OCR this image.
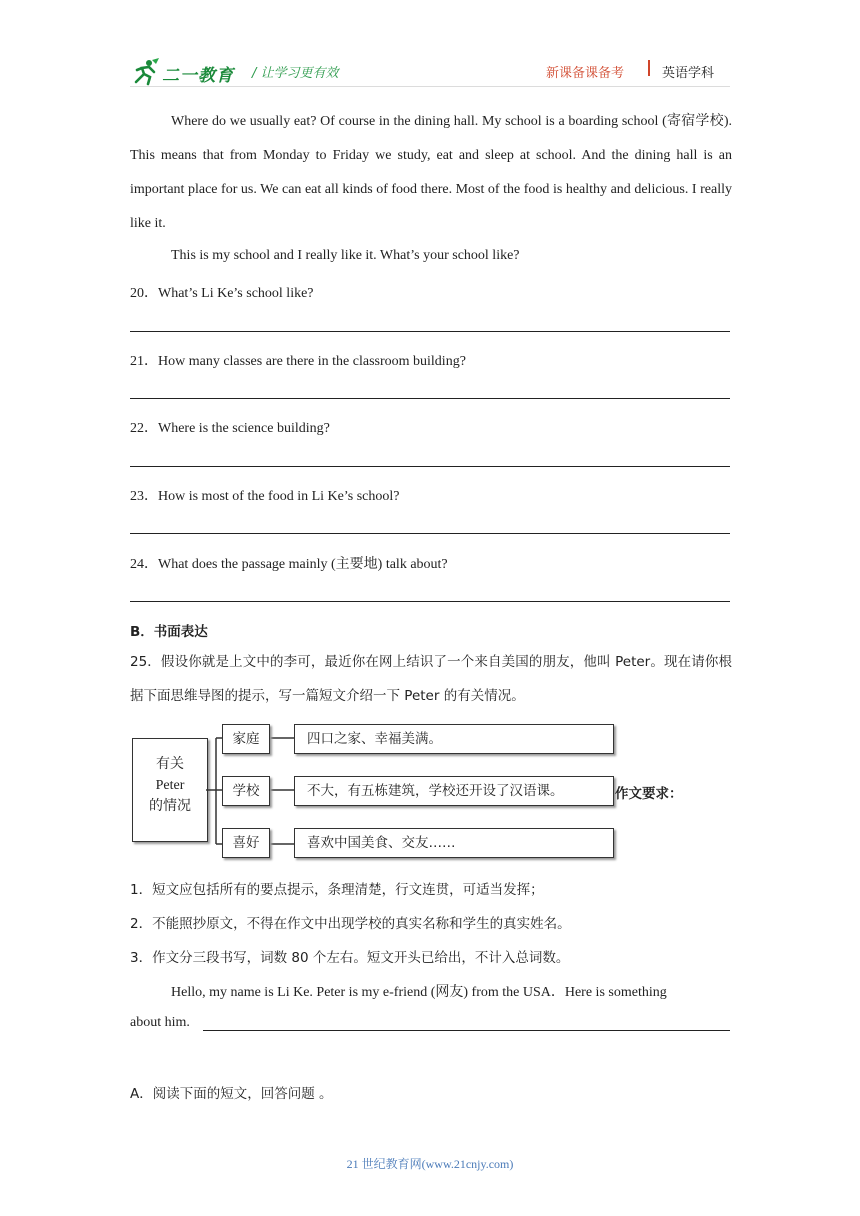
二一教育 / 让学习更有效	新课备课备考	英语学科
Where do we usually eat? Of course in the dining hall. My school is a boarding school (寄宿学校). This means that from Monday to Friday we study, eat and sleep at school. And the dining hall is an important place for us. We can eat all kinds of food there. Most of the food is healthy and delicious. I really like it.
This is my school and I really like it. What’s your school like?
20．What’s Li Ke’s school like?
21．How many classes are there in the classroom building?
22．Where is the science building?
23．How is most of the food in Li Ke’s school?
24．What does the passage mainly (主要地) talk about?
B．书面表达
25．假设你就是上文中的李可，最近你在网上结识了一个来自美国的朋友，他叫 Peter。现在请你根据下面思维导图的提示，写一篇短文介绍一下 Peter 的有关情况。
有关
Peter
的情况
家庭	四口之家、幸福美满。
学校	不大，有五栋建筑，学校还开设了汉语课。
喜好	喜欢中国美食、交友……
作文要求：
1．短文应包括所有的要点提示，条理清楚，行文连贯，可适当发挥；
2．不能照抄原文，不得在作文中出现学校的真实名称和学生的真实姓名。
3．作文分三段书写，词数 80 个左右。短文开头已给出，不计入总词数。
Hello, my name is Li Ke. Peter is my e-friend (网友) from the USA．Here is something
about him.
A．阅读下面的短文，回答问题 。
21 世纪教育网(www.21cnjy.com)
